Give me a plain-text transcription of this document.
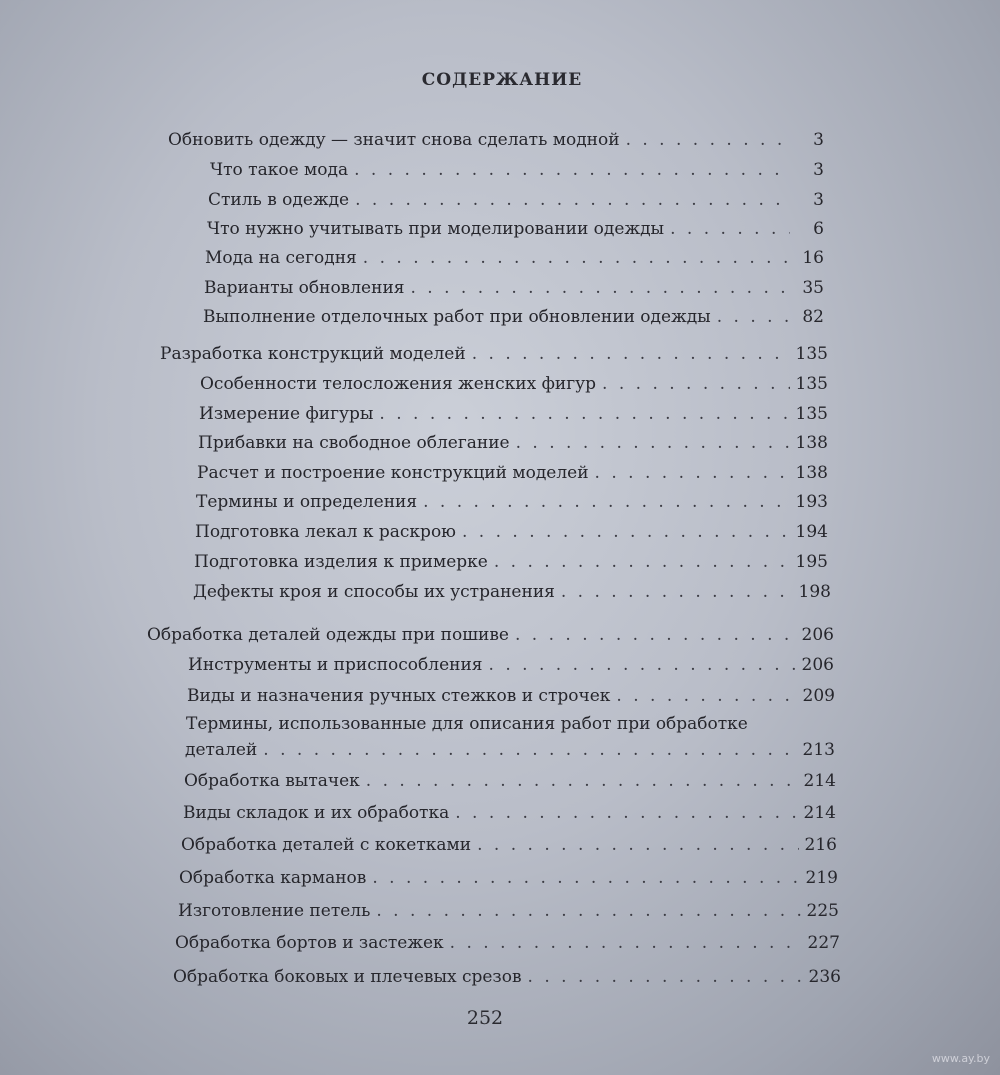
СОДЕРЖАНИЕ
Обновить одежду — значит снова сделать модной . . .	3
Что такое мода . . .	3
Стиль в одежде . . .	3
Что нужно учитывать при моделировании одежды . . .	6
Мода на сегодня . . .	16
Варианты обновления . . .	35
Выполнение отделочных работ при обновлении одежды . . .	82
Разработка конструкций моделей . . .	135
Особенности телосложения женских фигур . . .	135
Измерение фигуры . . .	135
Прибавки на свободное облегание . . .	138
Расчет и построение конструкций моделей . . .	138
Термины и определения . . .	193
Подготовка лекал к раскрою . . .	194
Подготовка изделия к примерке . . .	195
Дефекты кроя и способы их устранения . . .	198
Обработка деталей одежды при пошиве . . .	206
Инструменты и приспособления . . .	206
Виды и назначения ручных стежков и строчек . . .	209
Термины, использованные для описания работ при обработке
деталей . . .	213
Обработка вытачек . . .	214
Виды складок и их обработка . . .	214
Обработка деталей с кокетками . . .	216
Обработка карманов . . .	219
Изготовление петель . . .	225
Обработка бортов и застежек . . .	227
Обработка боковых и плечевых срезов . . .	236
252
www.ay.by
